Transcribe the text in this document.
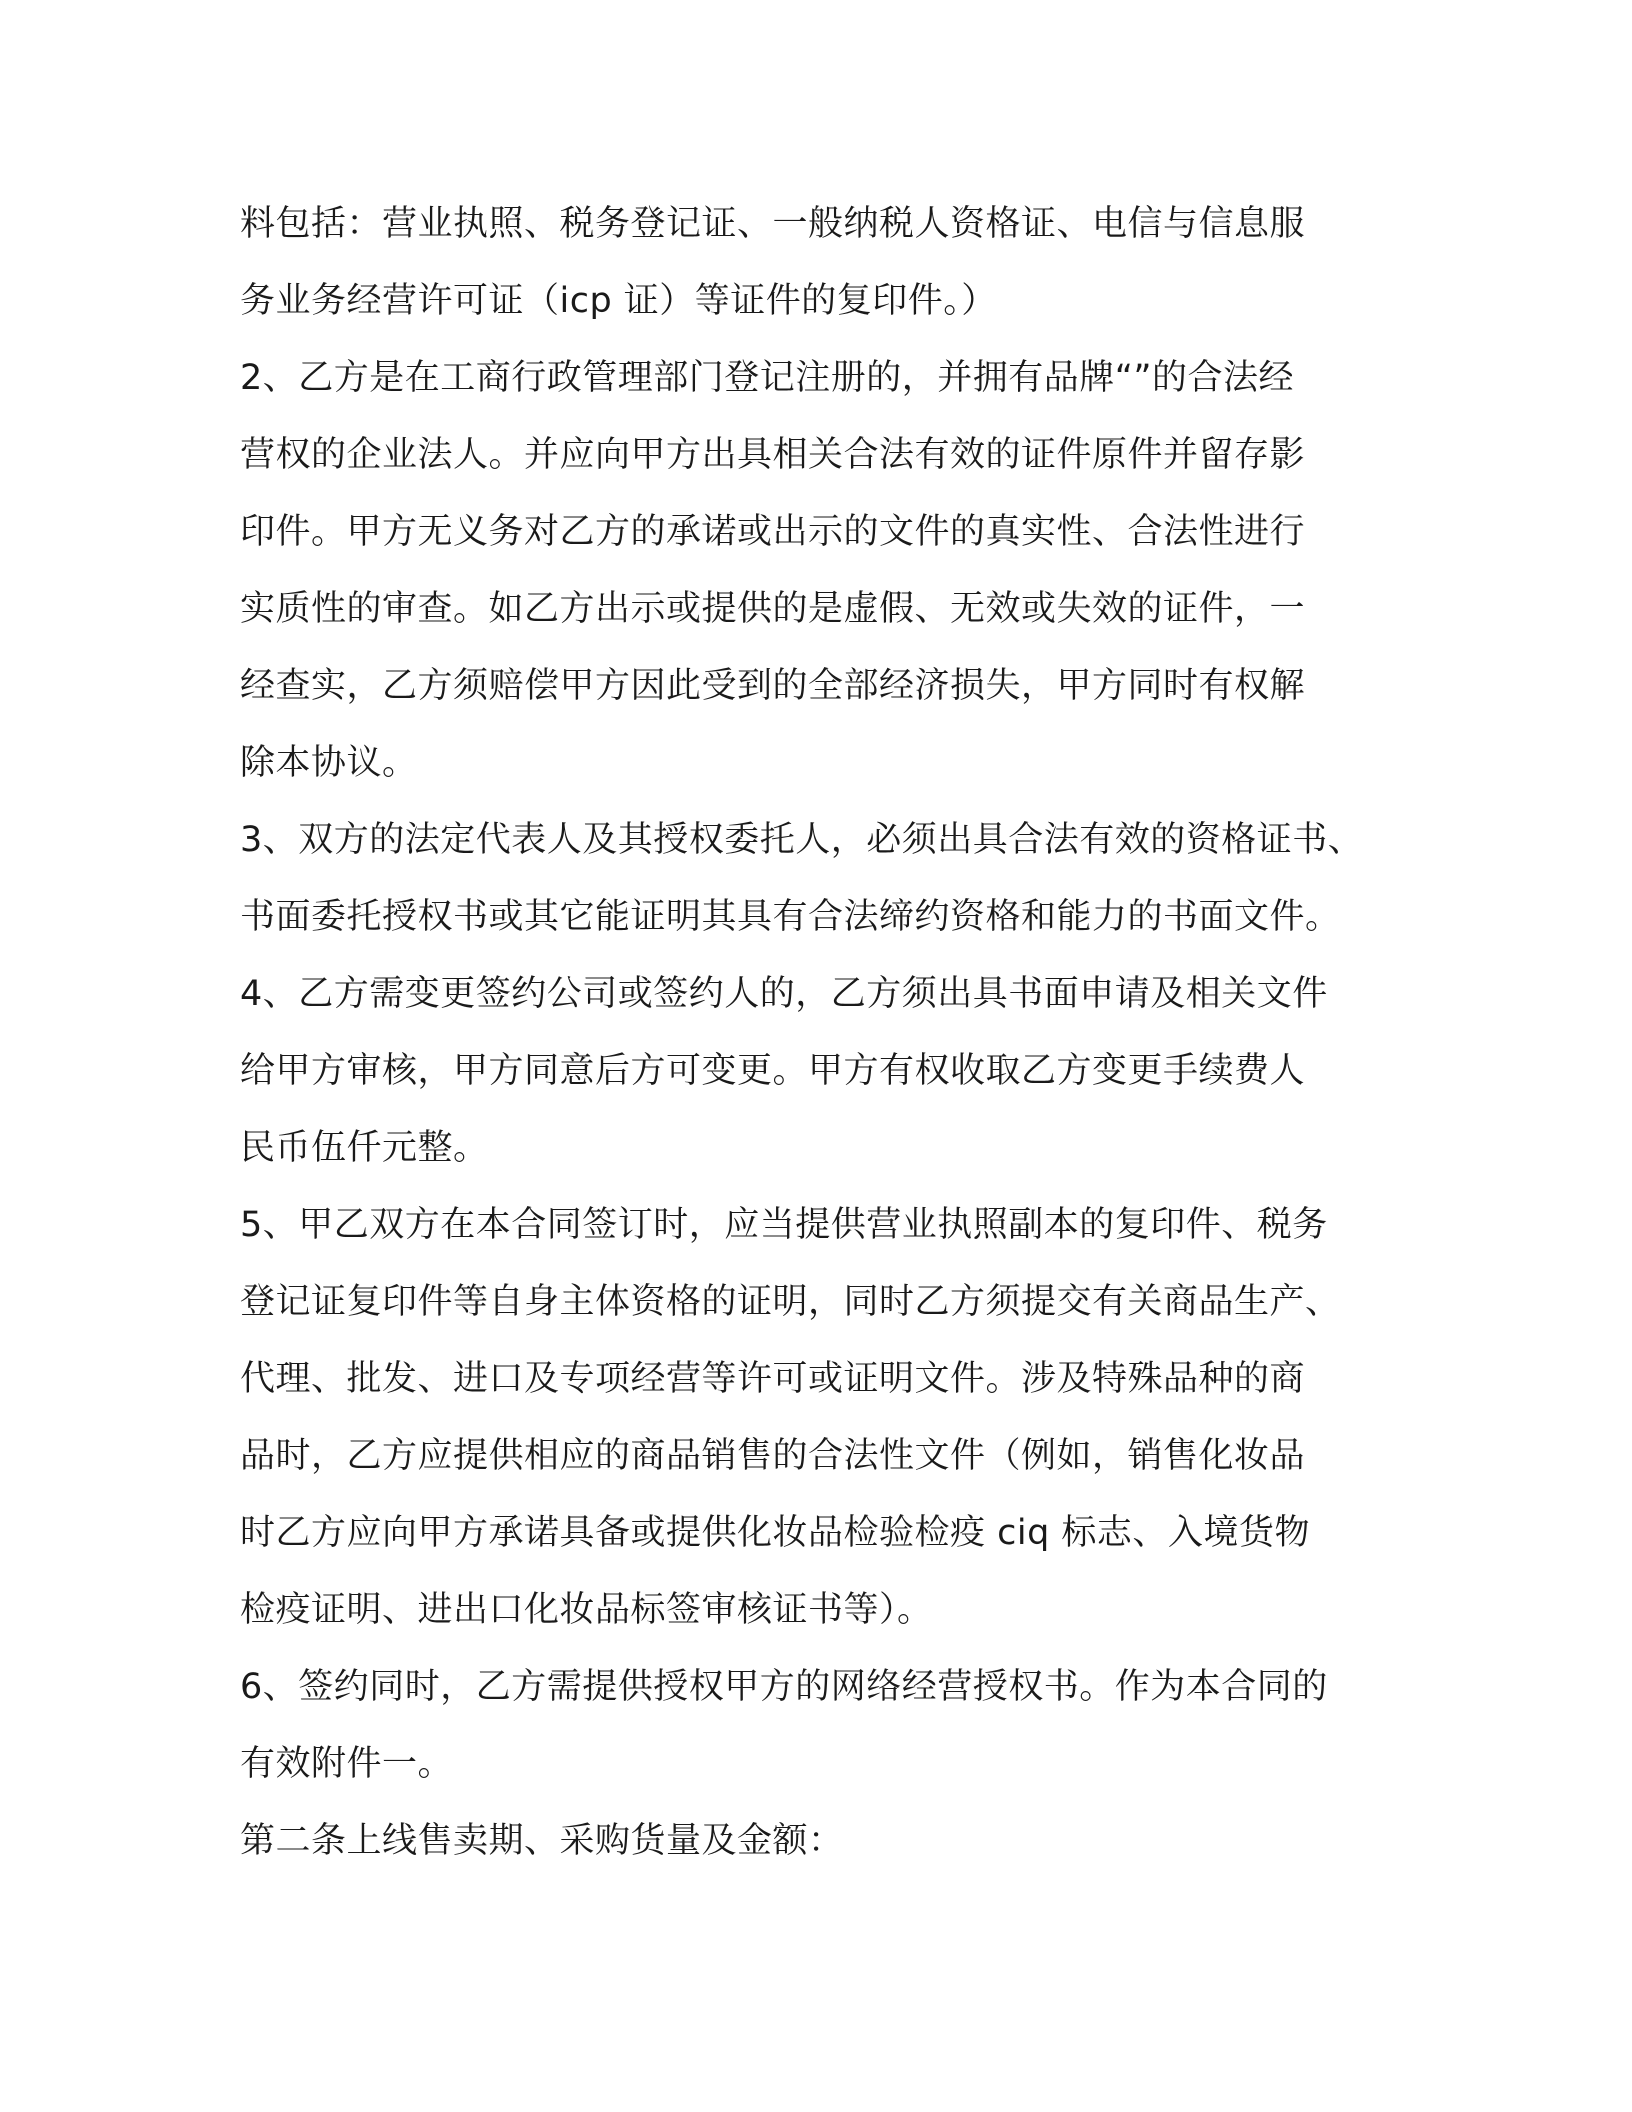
料包括：营业执照、税务登记证、一般纳税人资格证、电信与信息服
务业务经营许可证（icp 证）等证件的复印件。）
2、乙方是在工商行政管理部门登记注册的，并拥有品牌“”的合法经
营权的企业法人。并应向甲方出具相关合法有效的证件原件并留存影
印件。甲方无义务对乙方的承诺或出示的文件的真实性、合法性进行
实质性的审查。如乙方出示或提供的是虚假、无效或失效的证件，一
经查实，乙方须赔偿甲方因此受到的全部经济损失，甲方同时有权解
除本协议。
3、双方的法定代表人及其授权委托人，必须出具合法有效的资格证书、
书面委托授权书或其它能证明其具有合法缔约资格和能力的书面文件。
4、乙方需变更签约公司或签约人的，乙方须出具书面申请及相关文件
给甲方审核，甲方同意后方可变更。甲方有权收取乙方变更手续费人
民币伍仟元整。
5、甲乙双方在本合同签订时，应当提供营业执照副本的复印件、税务
登记证复印件等自身主体资格的证明，同时乙方须提交有关商品生产、
代理、批发、进口及专项经营等许可或证明文件。涉及特殊品种的商
品时，乙方应提供相应的商品销售的合法性文件（例如，销售化妆品
时乙方应向甲方承诺具备或提供化妆品检验检疫 ciq 标志、入境货物
检疫证明、进出口化妆品标签审核证书等）。
6、签约同时，乙方需提供授权甲方的网络经营授权书。作为本合同的
有效附件一。
第二条上线售卖期、采购货量及金额：
